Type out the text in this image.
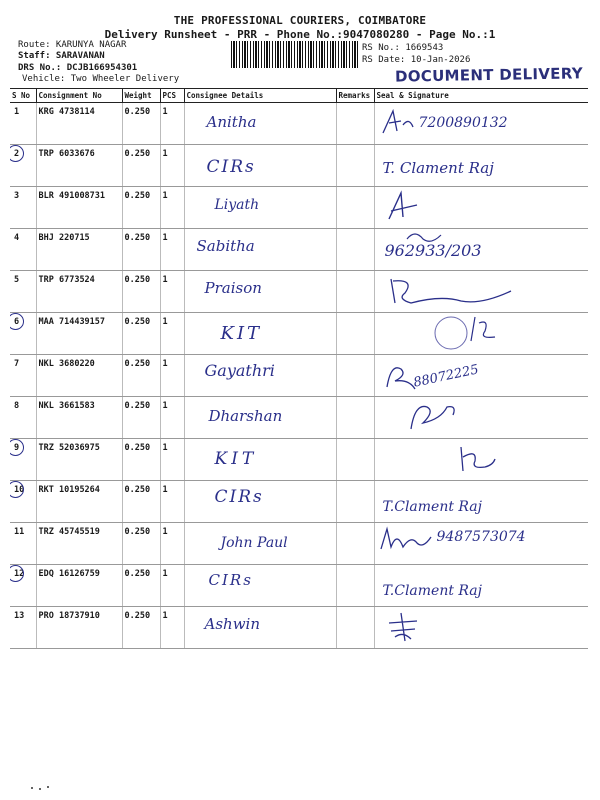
THE PROFESSIONAL COURIERS, COIMBATORE
Delivery Runsheet - PRR - Phone No.:9047080280 - Page No.:1
Route: KARUNYA NAGAR
Staff: SARAVANAN
DRS No.: DCJB166954301
Vehicle: Two Wheeler Delivery
RS No.: 1669543
RS Date: 10-Jan-2026
DOCUMENT DELIVERY
S No	Consignment No	Weight	PCS	Consignee Details	Remarks	Seal & Signature
1	KRG 4738114	0.250	1	Anitha		7200890132

2	TRP 6033676	0.250	1	CIRs		T. Clament Raj

3	BLR 491008731	0.250	1	Liyath

4	BHJ 220715	0.250	1	Sabitha		962933/203

5	TRP 6773524	0.250	1	Praison

6	MAA 714439157	0.250	1	KIT

7	NKL 3680220	0.250	1	Gayathri		88072225

8	NKL 3661583	0.250	1	Dharshan

9	TRZ 52036975	0.250	1	KIT

10	RKT 10195264	0.250	1	CIRs		T.Clament Raj

11	TRZ 45745519	0.250	1	John Paul		9487573074

12	EDQ 16126759	0.250	1	CIRs		T.Clament Raj

13	PRO 18737910	0.250	1	Ashwin
